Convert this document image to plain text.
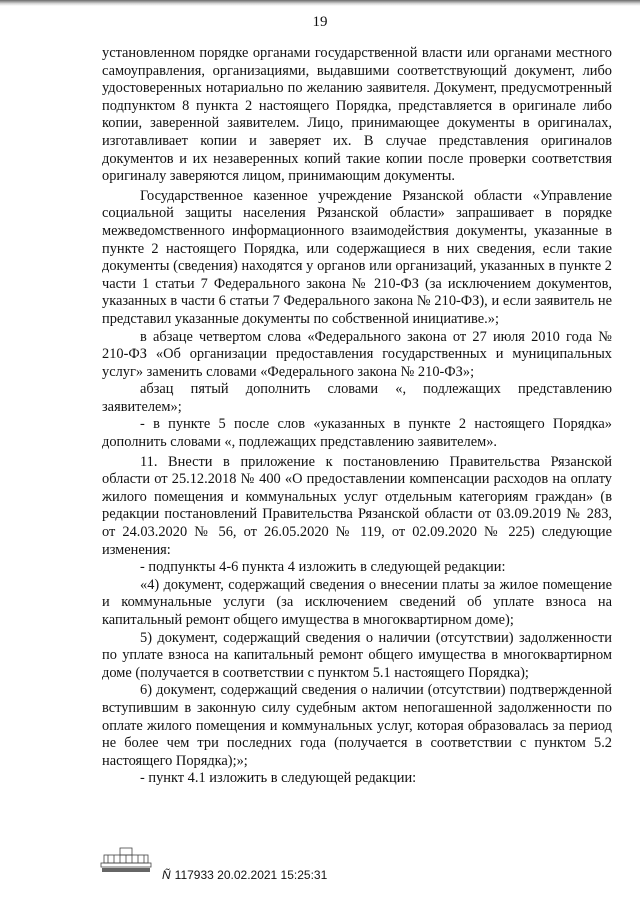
19

установленном порядке органами государственной власти или органами местного самоуправления, организациями, выдавшими соответствующий документ, либо удостоверенных нотариально по желанию заявителя. Документ, предусмотренный подпунктом 8 пункта 2 настоящего Порядка, представляется в оригинале либо копии, заверенной заявителем. Лицо, принимающее документы в оригиналах, изготавливает копии и заверяет их. В случае представления оригиналов документов и их незаверенных копий такие копии после проверки соответствия оригиналу заверяются лицом, принимающим документы.

Государственное казенное учреждение Рязанской области «Управление социальной защиты населения Рязанской области» запрашивает в порядке межведомственного информационного взаимодействия документы, указанные в пункте 2 настоящего Порядка, или содержащиеся в них сведения, если такие документы (сведения) находятся у органов или организаций, указанных в пункте 2 части 1 статьи 7 Федерального закона № 210-ФЗ (за исключением документов, указанных в части 6 статьи 7 Федерального закона № 210-ФЗ), и если заявитель не представил указанные документы по собственной инициативе.»;

в абзаце четвертом слова «Федерального закона от 27 июля 2010 года № 210-ФЗ «Об организации предоставления государственных и муниципальных услуг» заменить словами «Федерального закона № 210-ФЗ»;

абзац пятый дополнить словами «, подлежащих представлению заявителем»;

- в пункте 5 после слов «указанных в пункте 2 настоящего Порядка» дополнить словами «, подлежащих представлению заявителем».

11. Внести в приложение к постановлению Правительства Рязанской области от 25.12.2018 № 400 «О предоставлении компенсации расходов на оплату жилого помещения и коммунальных услуг отдельным категориям граждан» (в редакции постановлений Правительства Рязанской области от 03.09.2019 № 283, от 24.03.2020 № 56, от 26.05.2020 № 119, от 02.09.2020 № 225) следующие изменения:

- подпункты 4-6 пункта 4 изложить в следующей редакции:

«4) документ, содержащий сведения о внесении платы за жилое помещение и коммунальные услуги (за исключением сведений об уплате взноса на капитальный ремонт общего имущества в многоквартирном доме);

5) документ, содержащий сведения о наличии (отсутствии) задолженности по уплате взноса на капитальный ремонт общего имущества в многоквартирном доме (получается в соответствии с пунктом 5.1 настоящего Порядка);

6) документ, содержащий сведения о наличии (отсутствии) подтвержденной вступившим в законную силу судебным актом непогашенной задолженности по оплате жилого помещения и коммунальных услуг, которая образовалась за период не более чем три последних года (получается в соответствии с пунктом 5.2 настоящего Порядка);»;

- пункт 4.1 изложить в следующей редакции:

Ñ 117933 20.02.2021 15:25:31
